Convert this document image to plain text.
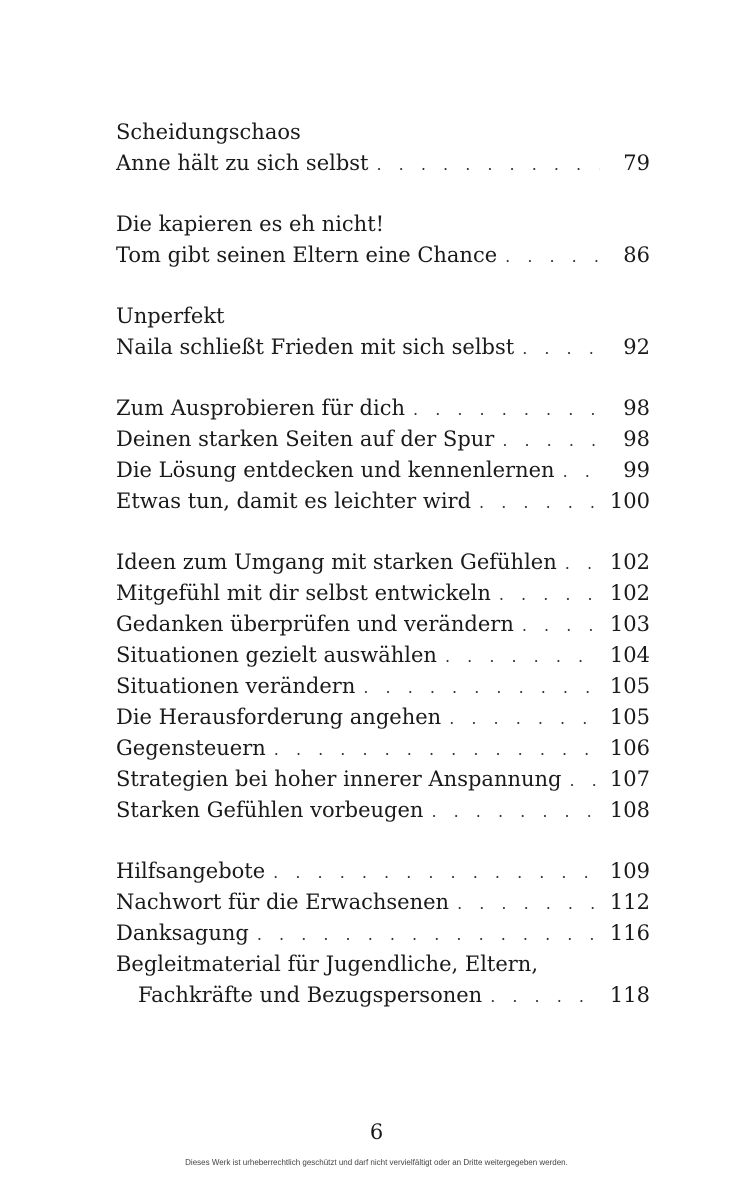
Scheidungschaos
Anne hält zu sich selbst . . .	79
Die kapieren es eh nicht!
Tom gibt seinen Eltern eine Chance . . .	86
Unperfekt
Naila schließt Frieden mit sich selbst . . .	92
Zum Ausprobieren für dich . . .	98
Deinen starken Seiten auf der Spur . . .	98
Die Lösung entdecken und kennenlernen . . .	99
Etwas tun, damit es leichter wird . . .	100
Ideen zum Umgang mit starken Gefühlen . . .	102
Mitgefühl mit dir selbst entwickeln . . .	102
Gedanken überprüfen und verändern . . .	103
Situationen gezielt auswählen . . .	104
Situationen verändern . . .	105
Die Herausforderung angehen . . .	105
Gegensteuern . . .	106
Strategien bei hoher innerer Anspannung . . . 107
Starken Gefühlen vorbeugen . . .	108
Hilfsangebote . . .	109
Nachwort für die Erwachsenen . . .	112
Danksagung . . .	116
Begleitmaterial für Jugendliche, Eltern,
Fachkräfte und Bezugspersonen . . .	118
6
Dieses Werk ist urheberrechtlich geschützt und darf nicht vervielfältigt oder an Dritte weitergegeben werden.
